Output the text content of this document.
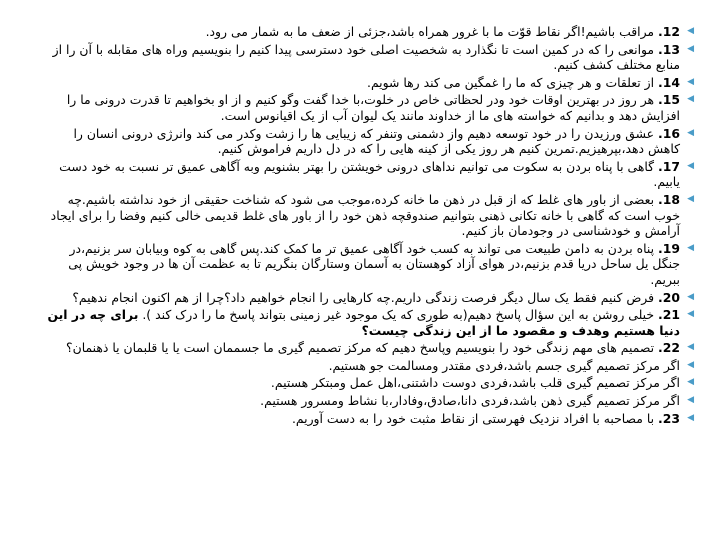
◀
12. مراقب باشیم!اگر نقاط قوّت ما با غرور همراه باشد،جزئی از ضعف ما به شمار می رود.
◀
13. موانعی را که در کمین است تا نگذارد به شخصیت اصلی خود دسترسی پیدا کنیم را بنویسیم وراه های مقابله با آن را از منابع مختلف کشف کنیم.
◀
14. از تعلقات و هر چیزی که ما را غمگین می کند رها شویم.
◀
15. هر روز در بهترین اوقات خود ودر لحظاتی خاص در خلوت،با خدا گفت وگو کنیم و از او بخواهیم تا قدرت درونی ما را افزایش دهد و بدانیم که خواسته های ما از خداوند مانند یک لیوان آب از یک اقیانوس است.
◀
16. عشق ورزیدن را در خود توسعه دهیم واز دشمنی وتنفر که زیبایی ها را زشت وکدر می کند وانرژی درونی انسان را کاهش دهد،بپرهیزیم.تمرین کنیم هر روز یکی از کینه هایی را که در دل داریم فراموش کنیم.
◀
17. گاهی با پناه بردن به سکوت می توانیم نداهای درونی خویشتن را بهتر بشنویم وبه آگاهی عمیق تر نسبت به خود دست یابیم.
◀
18. بعضی از باور های غلط که از قبل در ذهن ما خانه کرده،موجب می شود که شناخت حقیقی از خود نداشته باشیم.چه خوب است که گاهی با خانه تکانی ذهنی بتوانیم صندوقچه ذهن خود را از باور های غلط قدیمی خالی کنیم وفضا را برای ایجاد آرامش و خودشناسی در وجودمان باز کنیم.
◀
19. پناه بردن به دامن طبیعت می تواند به کسب خود آگاهی عمیق تر ما کمک کند.پس گاهی به کوه وبیابان سر بزنیم،در جنگل یل ساحل دریا قدم بزنیم،در هوای آزاد کوهستان به آسمان وستارگان بنگریم تا به عظمت آن ها در وجود خویش پی ببریم.
◀
20. فرض کنیم فقط یک سال دیگر فرصت زندگی داریم.چه کارهایی را انجام خواهیم داد؟چرا از هم اکنون انجام ندهیم؟
◀
21. خیلی روشن به این سؤال پاسخ دهیم(به طوری که یک موجود غیر زمینی بتواند پاسخ ما را درک کند ). برای چه در این دنیا هستیم وهدف و مقصود ما از این زندگی چیست؟
◀
22. تصمیم های مهم زندگی خود را بنویسیم وپاسخ دهیم که مرکز تصمیم گیری ما جسممان است یا یا قلبمان یا ذهنمان؟
◀
اگر مرکز تصمیم گیری جسم باشد،فردی مقتدر ومسالمت جو هستیم.
◀
اگر مرکز تصمیم گیری قلب باشد،فردی دوست داشتنی،اهل عمل ومبتکر هستیم.
◀
اگر مرکز تصمیم گیری ذهن باشد،فردی دانا،صادق،وفادار،با نشاط ومسرور هستیم.
◀
23. با مصاحبه با افراد نزدیک فهرستی از نقاط مثبت خود را به دست آوریم.
